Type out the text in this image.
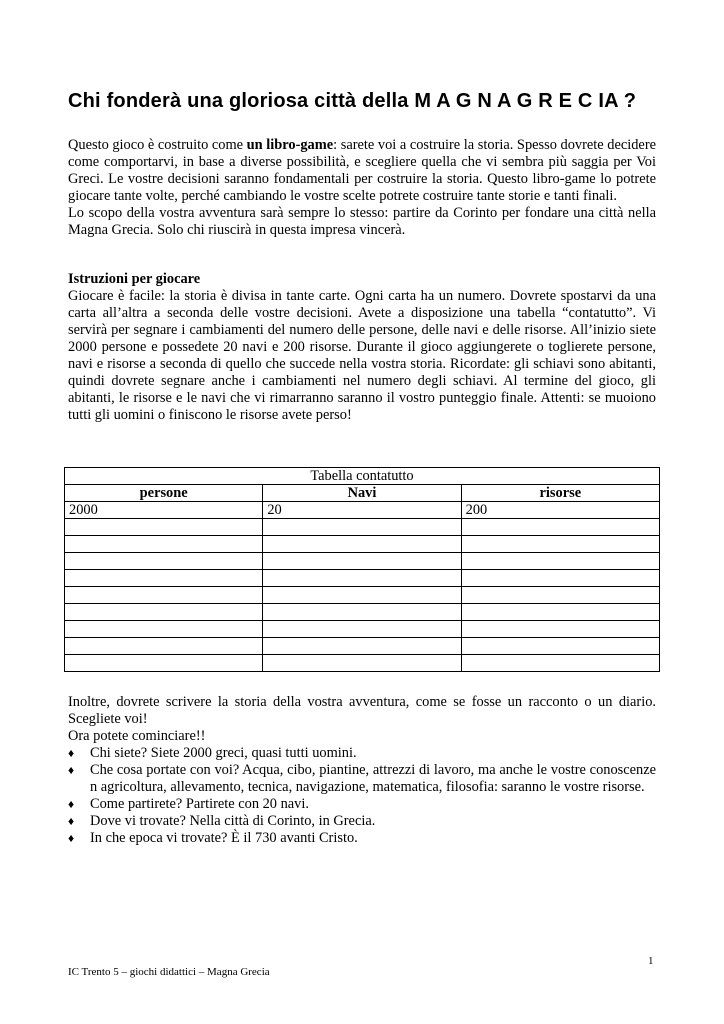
Chi fonderà una gloriosa città della M A G N A G R E C IA ?

Questo gioco è costruito come un libro-game: sarete voi a costruire la storia. Spesso dovrete decidere come comportarvi, in base a diverse possibilità, e scegliere quella che vi sembra più saggia per Voi Greci. Le vostre decisioni saranno fondamentali per costruire la storia. Questo libro-game lo potrete giocare tante volte, perché cambiando le vostre scelte potrete costruire tante storie e tanti finali.

Lo scopo della vostra avventura sarà sempre lo stesso: partire da Corinto per fondare una città nella Magna Grecia. Solo chi riuscirà in questa impresa vincerà.

Istruzioni per giocare

Giocare è facile: la storia è divisa in tante carte. Ogni carta ha un numero. Dovrete spostarvi da una carta all’altra a seconda delle vostre decisioni. Avete a disposizione una tabella “contatutto”. Vi servirà per segnare i cambiamenti del numero delle persone, delle navi e delle risorse. All’inizio siete 2000 persone e possedete 20 navi e 200 risorse. Durante il gioco aggiungerete o toglierete persone, navi e risorse a seconda di quello che succede nella vostra storia. Ricordate: gli schiavi sono abitanti, quindi dovrete segnare anche i cambiamenti nel numero degli schiavi. Al termine del gioco, gli abitanti, le risorse e le navi che vi rimarranno saranno il vostro punteggio finale. Attenti: se muoiono tutti gli uomini o finiscono le risorse avete perso!

Tabella contatutto		
persone	Navi	risorse
2000	20	200

Inoltre, dovrete scrivere la storia della vostra avventura, come se fosse un racconto o un diario. Scegliete voi!

Ora potete cominciare!!

♦ Chi siete? Siete 2000 greci, quasi tutti uomini.
♦ Che cosa portate con voi? Acqua, cibo, piantine, attrezzi di lavoro, ma anche le vostre conoscenze n agricoltura, allevamento, tecnica, navigazione, matematica, filosofia: saranno le vostre risorse.
♦ Come partirete? Partirete con 20 navi.
♦ Dove vi trovate? Nella città di Corinto, in Grecia.
♦ In che epoca vi trovate? È il 730 avanti Cristo.
1
IC Trento 5 – giochi didattici – Magna Grecia
